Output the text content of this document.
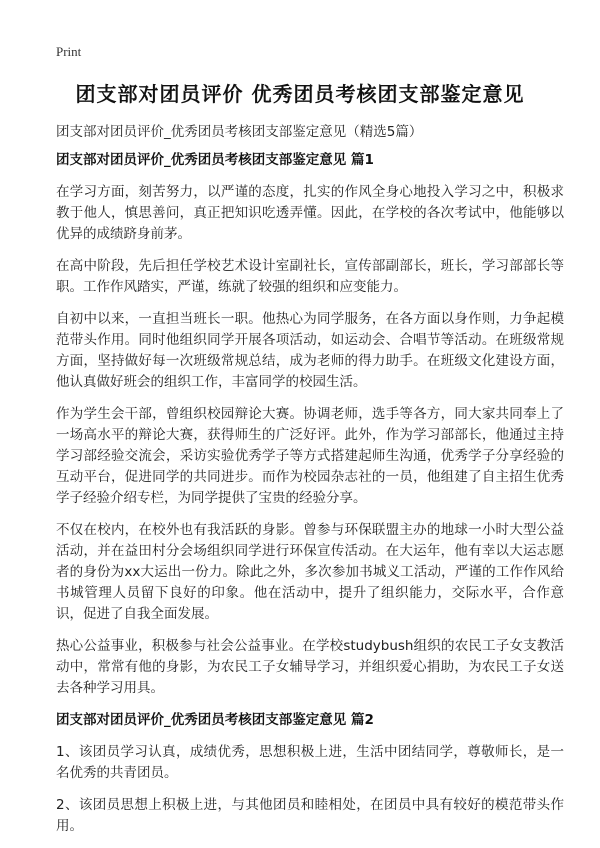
Print
团支部对团员评价 优秀团员考核团支部鉴定意见
团支部对团员评价_优秀团员考核团支部鉴定意见（精选5篇）
团支部对团员评价_优秀团员考核团支部鉴定意见 篇1

在学习方面，刻苦努力，以严谨的态度，扎实的作风全身心地投入学习之中，积极求教于他人，慎思善问，真正把知识吃透弄懂。因此，在学校的各次考试中，他能够以优异的成绩跻身前茅。

在高中阶段，先后担任学校艺术设计室副社长，宣传部副部长，班长，学习部部长等职。工作作风踏实，严谨，练就了较强的组织和应变能力。

自初中以来，一直担当班长一职。他热心为同学服务，在各方面以身作则，力争起模范带头作用。同时他组织同学开展各项活动，如运动会、合唱节等活动。在班级常规方面，坚持做好每一次班级常规总结，成为老师的得力助手。在班级文化建设方面，他认真做好班会的组织工作，丰富同学的校园生活。

作为学生会干部，曾组织校园辩论大赛。协调老师，选手等各方，同大家共同奉上了一场高水平的辩论大赛，获得师生的广泛好评。此外，作为学习部部长，他通过主持学习部经验交流会，采访实验优秀学子等方式搭建起师生沟通，优秀学子分享经验的互动平台，促进同学的共同进步。而作为校园杂志社的一员，他组建了自主招生优秀学子经验介绍专栏，为同学提供了宝贵的经验分享。

不仅在校内，在校外也有我活跃的身影。曾参与环保联盟主办的地球一小时大型公益活动，并在益田村分会场组织同学进行环保宣传活动。在大运年，他有幸以大运志愿者的身份为xx大运出一份力。除此之外，多次参加书城义工活动，严谨的工作作风给书城管理人员留下良好的印象。他在活动中，提升了组织能力，交际水平，合作意识，促进了自我全面发展。

热心公益事业，积极参与社会公益事业。在学校studybush组织的农民工子女支教活动中，常常有他的身影，为农民工子女辅导学习，并组织爱心捐助，为农民工子女送去各种学习用具。

团支部对团员评价_优秀团员考核团支部鉴定意见 篇2

1、该团员学习认真，成绩优秀，思想积极上进，生活中团结同学，尊敬师长，是一名优秀的共青团员。

2、该团员思想上积极上进，与其他团员和睦相处，在团员中具有较好的模范带头作用。
